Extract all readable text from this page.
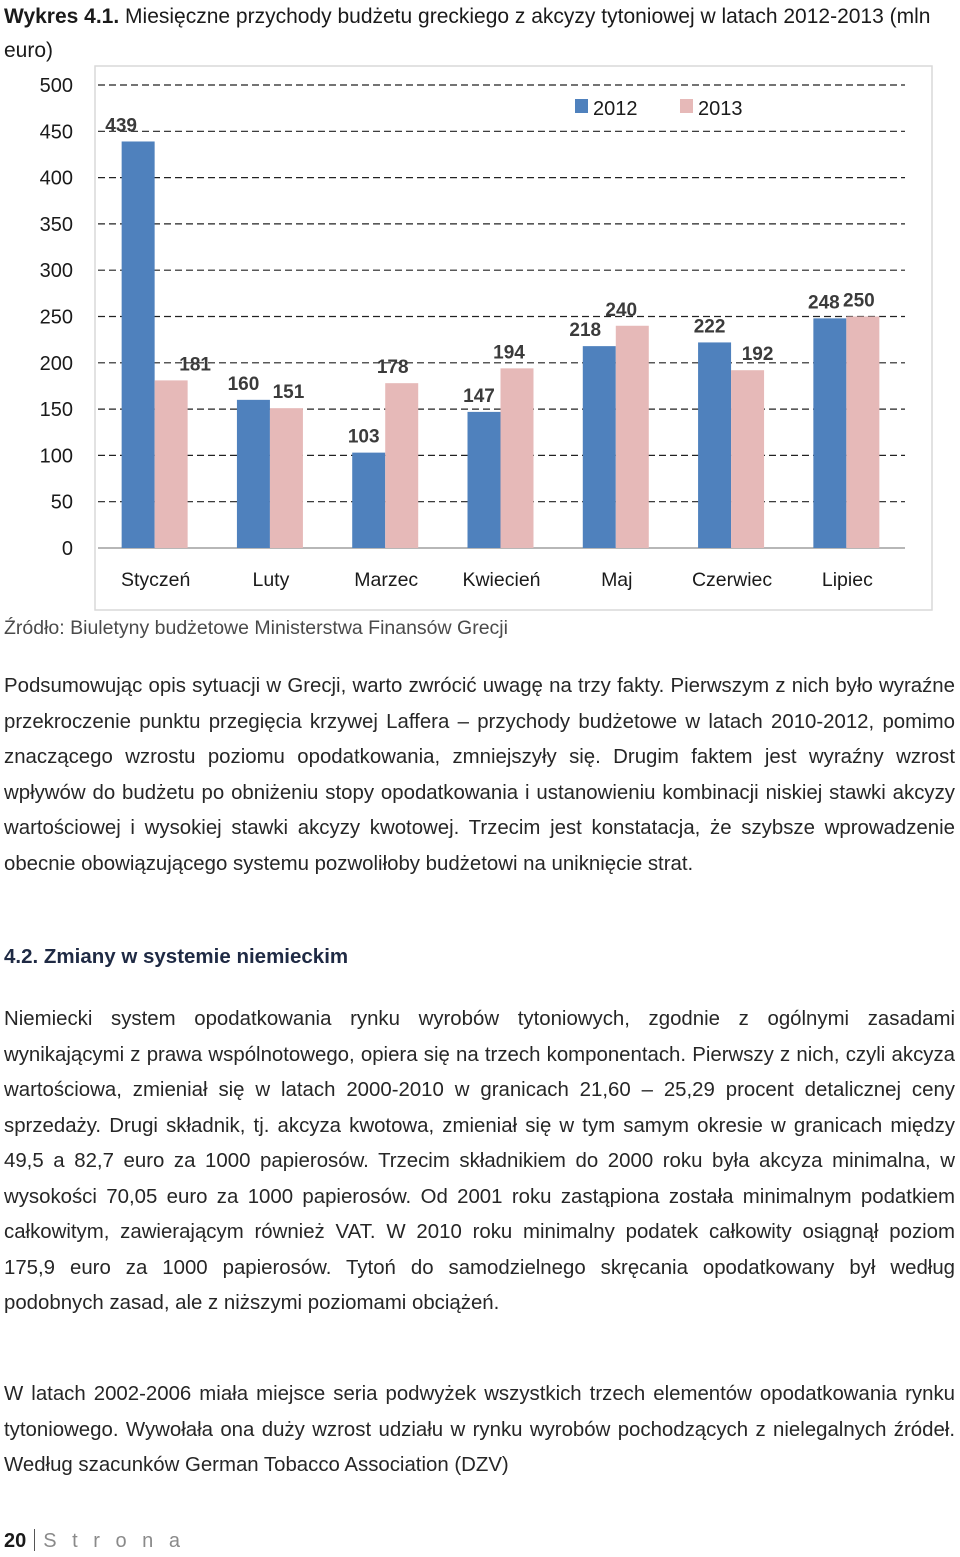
Wykres 4.1. Miesięczne przychody budżetu greckiego z akcyzy tytoniowej w latach 2012-2013 (mln euro)
0
50
100
150
200
250
300
350
400
450
500
439
181
160 151
103
178
147
194
218
240
222
192
248 250
Styczeń	Luty	Marzec Kwiecień	Maj	Czerwiec	Lipiec
2012	2013
Źródło: Biuletyny budżetowe Ministerstwa Finansów Grecji

Podsumowując opis sytuacji w Grecji, warto zwrócić uwagę na trzy fakty. Pierwszym z nich było wyraźne przekroczenie punktu przegięcia krzywej Laffera – przychody budżetowe w latach 2010-2012, pomimo znaczącego wzrostu poziomu opodatkowania, zmniejszyły się. Drugim faktem jest wyraźny wzrost wpływów do budżetu po obniżeniu stopy opodatkowania i ustanowieniu kombinacji niskiej stawki akcyzy wartościowej i wysokiej stawki akcyzy kwotowej. Trzecim jest konstatacja, że szybsze wprowadzenie obecnie obowiązującego systemu pozwoliłoby budżetowi na uniknięcie strat.

4.2. Zmiany w systemie niemieckim

Niemiecki system opodatkowania rynku wyrobów tytoniowych, zgodnie z ogólnymi zasadami wynikającymi z prawa wspólnotowego, opiera się na trzech komponentach. Pierwszy z nich, czyli akcyza wartościowa, zmieniał się w latach 2000-2010 w granicach 21,60 – 25,29 procent detalicznej ceny sprzedaży. Drugi składnik, tj. akcyza kwotowa, zmieniał się w tym samym okresie w granicach między 49,5 a 82,7 euro za 1000 papierosów. Trzecim składnikiem do 2000 roku była akcyza minimalna, w wysokości 70,05 euro za 1000 papierosów. Od 2001 roku zastąpiona została minimalnym podatkiem całkowitym, zawierającym również VAT. W 2010 roku minimalny podatek całkowity osiągnął poziom 175,9 euro za 1000 papierosów. Tytoń do samodzielnego skręcania opodatkowany był według podobnych zasad, ale z niższymi poziomami obciążeń.

W latach 2002-2006 miała miejsce seria podwyżek wszystkich trzech elementów opodatkowania rynku tytoniowego. Wywołała ona duży wzrost udziału w rynku wyrobów pochodzących z nielegalnych źródeł. Według szacunków German Tobacco Association (DZV)

20 S t r o n a
